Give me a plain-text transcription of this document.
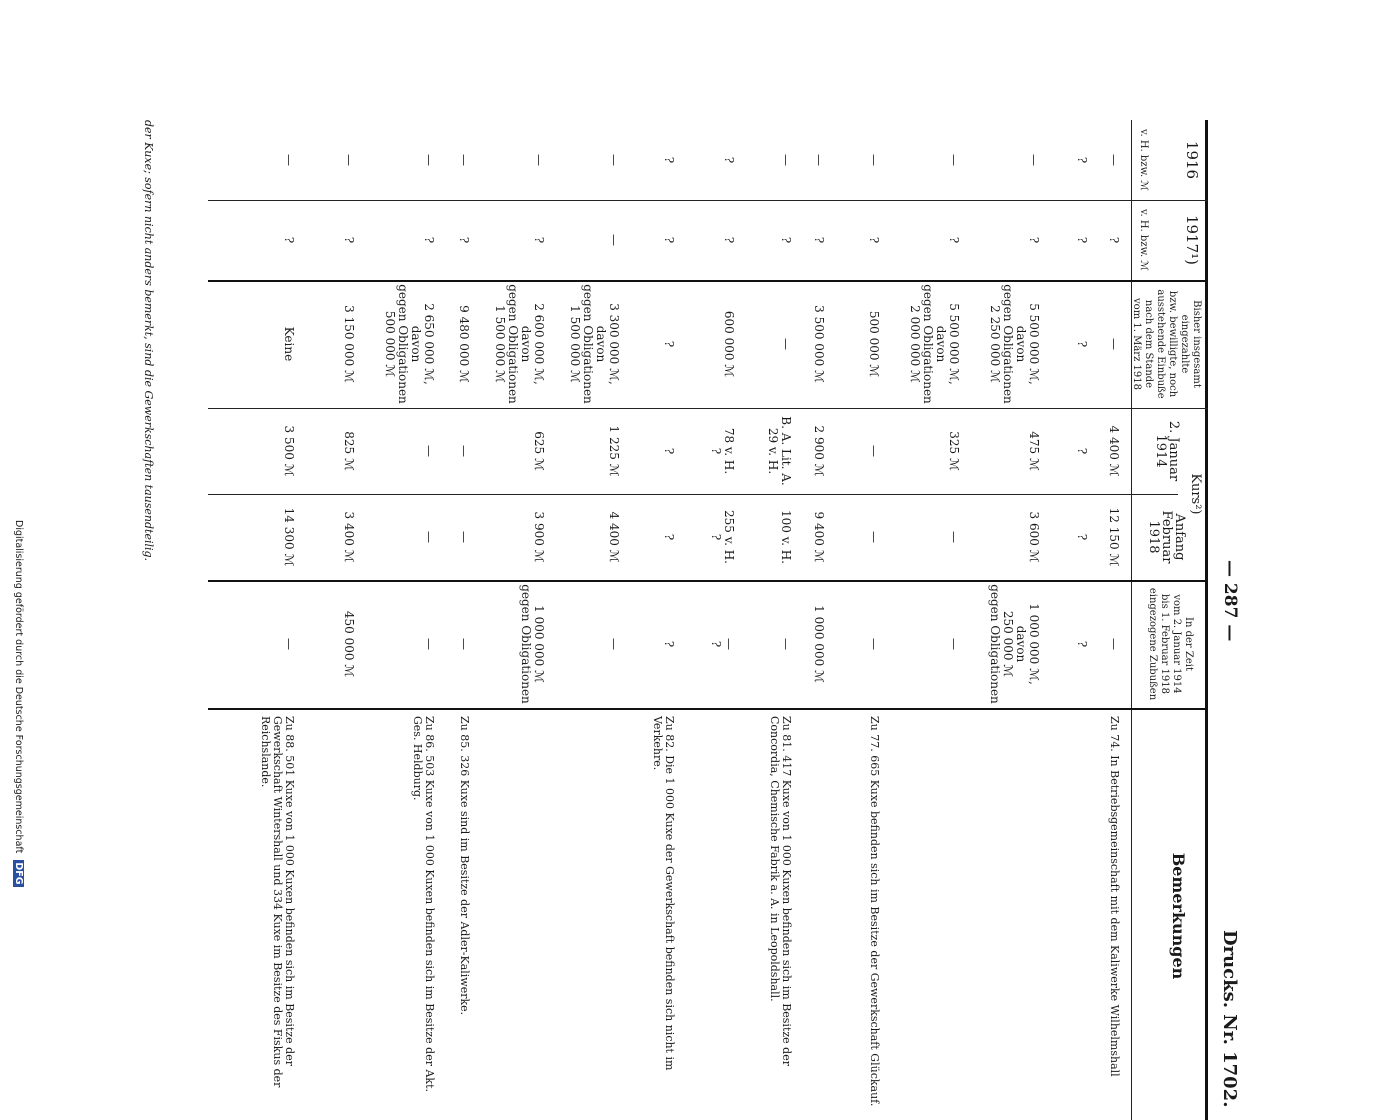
— 287 —
Drucks. Nr. 1702.
1916
1917¹)
Bisher insgesamt
eingezahlte
bzw. bewilligte, noch
ausstehende Einbuße
nach dem Stande
vom 1. März 1918
Kurs²)
2. Januar
1914
Anfang
Februar
1918
In der Zeit
vom 2. Januar 1914
bis 1. Februar 1918
eingezogene Zubußen
Bemerkungen
v. H. bzw. ℳ
v. H. bzw. ℳ
—
?
—
4 400 ℳ
12 150 ℳ
—
Zu 74. In Betriebsgemeinschaft mit dem Kaliwerke Wilhelmshall
?
?
?
?
?
?
—
?
5 500 000 ℳ,
davon
gegen Obligationen
2 250 000 ℳ
475 ℳ
3 600 ℳ
1 000 000 ℳ,
davon
250 000 ℳ
gegen Obligationen
—
?
5 500 000 ℳ,
davon
gegen Obligationen
2 000 000 ℳ
325 ℳ
—
—
—
?
500 000 ℳ
—
—
—
Zu 77. 665 Kuxe befinden sich im Besitze der Gewerkschaft Glückauf.
—
?
3 500 000 ℳ
2 900 ℳ
9 400 ℳ
1 000 000 ℳ
—
?
—
B. A. Lit. A.
29 v. H.
100 v. H.
—
Zu 81. 417 Kuxe von 1 000 Kuxen befinden sich im Besitze der Concordia, Chemische Fabrik a. A. in Leopoldshall.
?
?
600 000 ℳ
78 v. H.
?
255 v. H.
?
—
?
?
?
?
?
?
?
Zu 82. Die 1 000 Kuxe der Gewerkschaft befinden sich nicht im Verkehre.
—
—
3 300 000 ℳ,
davon
gegen Obligationen
1 500 000 ℳ
1 225 ℳ
4 400 ℳ
—
—
?
2 600 000 ℳ,
davon
gegen Obligationen
1 500 000 ℳ
625 ℳ
3 900 ℳ
1 000 000 ℳ
gegen Obligationen
—
?
9 480 000 ℳ
—
—
—
Zu 85. 326 Kuxe sind im Besitze der Adler-Kaliwerke.
—
?
2 650 000 ℳ,
davon
gegen Obligationen
500 000 ℳ
—
—
—
Zu 86. 503 Kuxe von 1 000 Kuxen befinden sich im Besitze der Akt. Ges. Heldburg.
—
?
3 150 000 ℳ
825 ℳ
3 400 ℳ
450 000 ℳ
—
?
Keine
3 500 ℳ
14 300 ℳ
—
Zu 88. 501 Kuxe von 1 000 Kuxen befinden sich im Besitze der Gewerkschaft Wintershall und 334 Kuxe im Besitze des Fiskus der Reichslande.
der Kuxe; sofern nicht anders bemerkt, sind die Gewerkschaften tausendteilig.
Digitalisierung gefördert durch die Deutsche Forschungsgemeinschaft DFG
